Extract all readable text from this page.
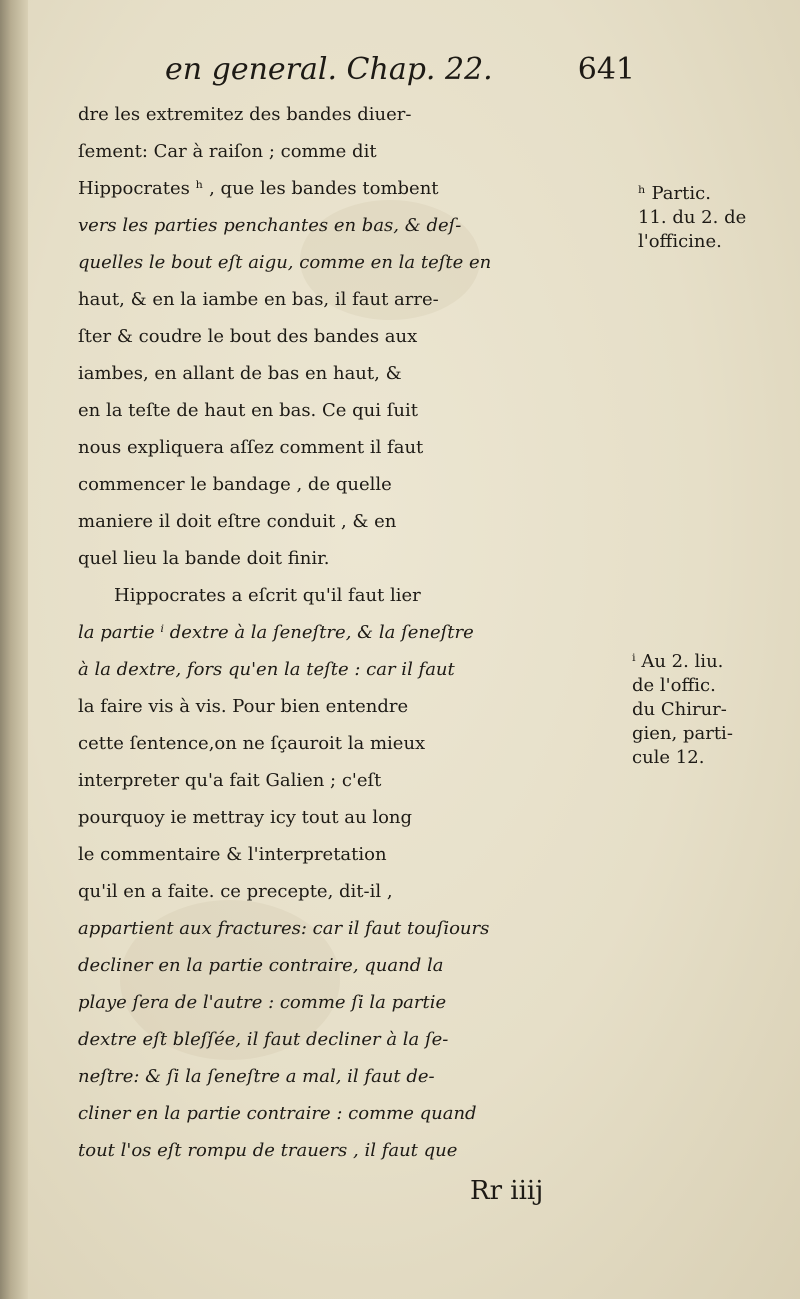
en general. Chap. 22.	641
dre les extremitez des bandes diuer-
ſement: Car à raiſon ; comme dit
Hippocrates ʰ , que les bandes tombent
vers les parties penchantes en bas, & deſ-
quelles le bout eſt aigu, comme en la teſte en
haut, & en la iambe en bas, il faut arre-
ſter & coudre le bout des bandes aux
iambes, en allant de bas en haut, &
en la teſte de haut en bas. Ce qui ſuit
nous expliquera aſſez comment il faut
commencer le bandage , de quelle
maniere il doit eſtre conduit , & en
quel lieu la bande doit finir.
Hippocrates a eſcrit qu'il faut lier
la partie ⁱ dextre à la ſeneſtre, & la ſeneſtre
à la dextre, fors qu'en la teſte : car il faut
la faire vis à vis. Pour bien entendre
cette ſentence,on ne ſçauroit la mieux
interpreter qu'a fait Galien ; c'eſt
pourquoy ie mettray icy tout au long
le commentaire & l'interpretation
qu'il en a faite. ce precepte, dit-il ,
appartient aux fractures: car il faut touſiours
decliner en la partie contraire, quand la
playe ſera de l'autre : comme ſi la partie
dextre eſt bleſſée, il faut decliner à la ſe-
neſtre: & ſi la ſeneſtre a mal, il faut de-
cliner en la partie contraire : comme quand
tout l'os eſt rompu de trauers , il faut que
ʰ Partic.
11. du 2. de
l'officine.
ⁱ Au 2. liu.
de l'offic.
du Chirur-
gien, parti-
cule 12.
Rr iiij
